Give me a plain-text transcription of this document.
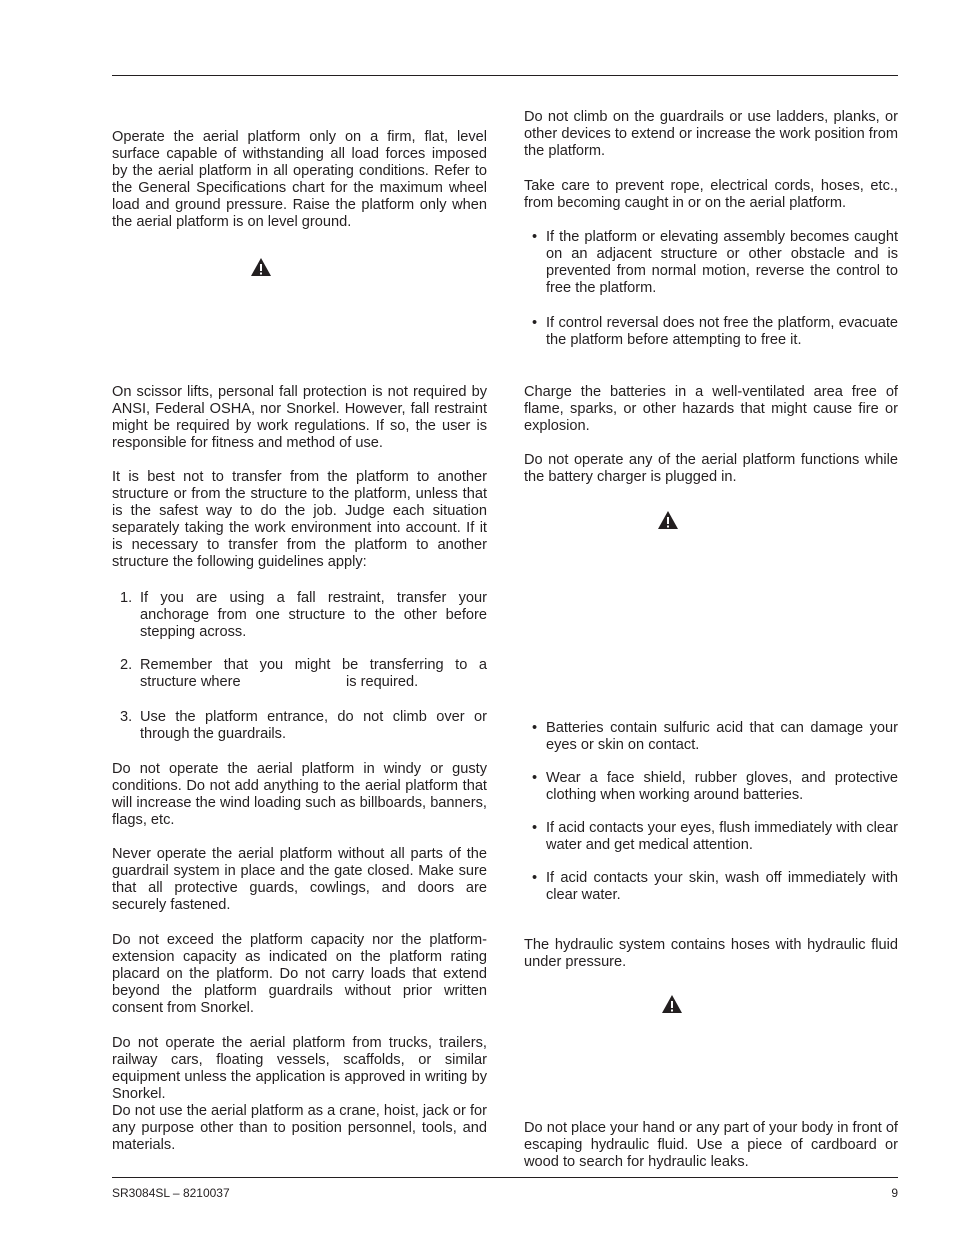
Operate the aerial platform only on a firm, flat, level surface capable of withstanding all load forces imposed by the aerial platform in all operating conditions. Refer to the General Specifications chart for the maximum wheel load and ground pressure. Raise the platform only when the aerial platform is on level ground.

On scissor lifts, personal fall protection is not required by ANSI, Federal OSHA, nor Snorkel. However, fall restraint might be required by work regulations. If so, the user is responsible for fitness and method of use.

It is best not to transfer from the platform to another structure or from the structure to the platform, unless that is the safest way to do the job. Judge each situation separately taking the work environment into account. If it is necessary to transfer from the platform to another structure the following guidelines apply:

1. If you are using a fall restraint, transfer your anchorage from one structure to the other before stepping across.

2. Remember that you might be transferring to a structure where	is required.

3. Use the platform entrance, do not climb over or through the guardrails.

Do not operate the aerial platform in windy or gusty conditions. Do not add anything to the aerial platform that will increase the wind loading such as billboards, banners, flags, etc.

Never operate the aerial platform without all parts of the guardrail system in place and the gate closed. Make sure that all protective guards, cowlings, and doors are securely fastened.

Do not exceed the platform capacity nor the platform-extension capacity as indicated on the platform rating placard on the platform. Do not carry loads that extend beyond the platform guardrails without prior written consent from Snorkel.

Do not operate the aerial platform from trucks, trailers, railway cars, floating vessels, scaffolds, or similar equipment unless the application is approved in writing by Snorkel.

Do not use the aerial platform as a crane, hoist, jack or for any purpose other than to position personnel, tools, and materials.

Do not climb on the guardrails or use ladders, planks, or other devices to extend or increase the work position from the platform.

Take care to prevent rope, electrical cords, hoses, etc., from becoming caught in or on the aerial platform.

• If the platform or elevating assembly becomes caught on an adjacent structure or other obstacle and is prevented from normal motion, reverse the control to free the platform.

• If control reversal does not free the platform, evacuate the platform before attempting to free it.

Charge the batteries in a well-ventilated area free of flame, sparks, or other hazards that might cause fire or explosion.

Do not operate any of the aerial platform functions while the battery charger is plugged in.

• Batteries contain sulfuric acid that can damage your eyes or skin on contact.

• Wear a face shield, rubber gloves, and protective clothing when working around batteries.

• If acid contacts your eyes, flush immediately with clear water and get medical attention.

• If acid contacts your skin, wash off immediately with clear water.

The hydraulic system contains hoses with hydraulic fluid under pressure.

Do not place your hand or any part of your body in front of escaping hydraulic fluid. Use a piece of cardboard or wood to search for hydraulic leaks.

SR3084SL – 8210037	9
